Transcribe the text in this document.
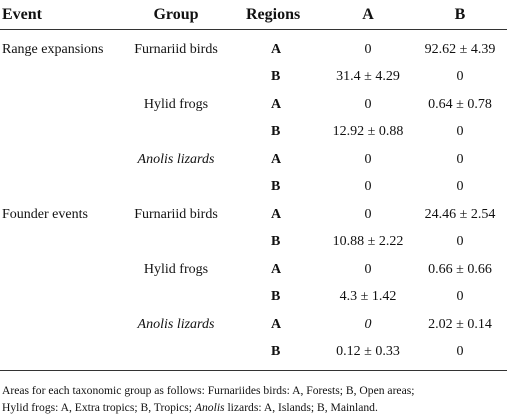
Event	Group	Regions	A	B
Range expansions	Furnariid birds	A	0	92.62 ± 4.39
		B	31.4 ± 4.29	0
	Hylid frogs	A	0	0.64 ± 0.78
		B	12.92 ± 0.88	0
	Anolis lizards	A	0	0
		B	0	0
Founder events	Furnariid birds	A	0	24.46 ± 2.54
		B	10.88 ± 2.22	0
	Hylid frogs	A	0	0.66 ± 0.66
		B	4.3 ± 1.42	0
	Anolis lizards	A	0	2.02 ± 0.14
		B	0.12 ± 0.33	0
Areas for each taxonomic group as follows: Furnariides birds: A, Forests; B, Open areas;
Hylid frogs: A, Extra tropics; B, Tropics; Anolis lizards: A, Islands; B, Mainland.
